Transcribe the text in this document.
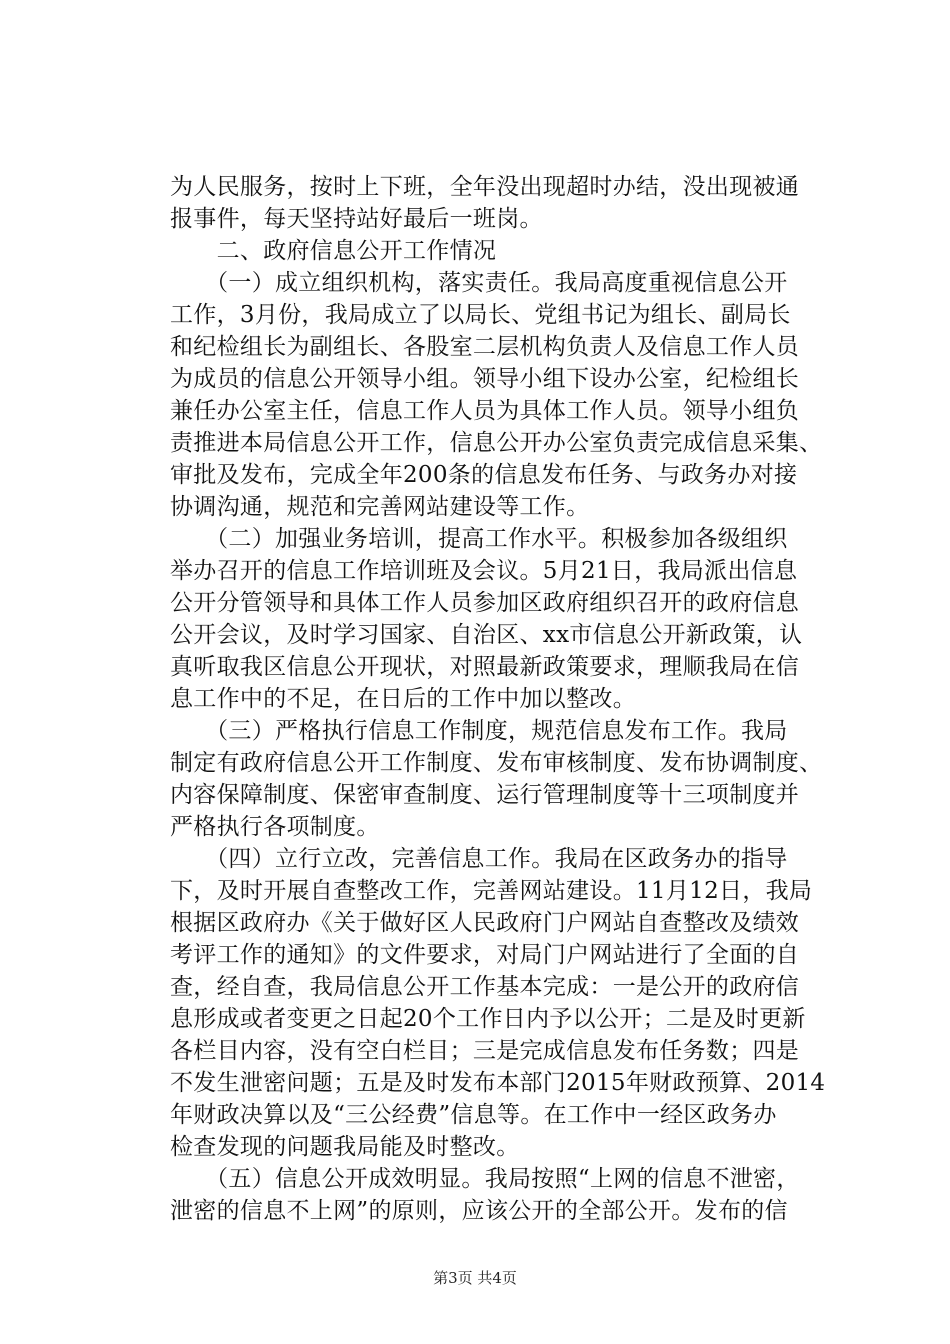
为人民服务，按时上下班，全年没出现超时办结，没出现被通
报事件，每天坚持站好最后一班岗。
　　二、政府信息公开工作情况
　　（一）成立组织机构，落实责任。我局高度重视信息公开
工作，3月份，我局成立了以局长、党组书记为组长、副局长
和纪检组长为副组长、各股室二层机构负责人及信息工作人员
为成员的信息公开领导小组。领导小组下设办公室，纪检组长
兼任办公室主任，信息工作人员为具体工作人员。领导小组负
责推进本局信息公开工作，信息公开办公室负责完成信息采集、
审批及发布，完成全年200条的信息发布任务、与政务办对接
协调沟通，规范和完善网站建设等工作。
　　（二）加强业务培训，提高工作水平。积极参加各级组织
举办召开的信息工作培训班及会议。5月21日，我局派出信息
公开分管领导和具体工作人员参加区政府组织召开的政府信息
公开会议，及时学习国家、自治区、xx市信息公开新政策，认
真听取我区信息公开现状，对照最新政策要求，理顺我局在信
息工作中的不足，在日后的工作中加以整改。
　　（三）严格执行信息工作制度，规范信息发布工作。我局
制定有政府信息公开工作制度、发布审核制度、发布协调制度、
内容保障制度、保密审查制度、运行管理制度等十三项制度并
严格执行各项制度。
　　（四）立行立改，完善信息工作。我局在区政务办的指导
下，及时开展自查整改工作，完善网站建设。11月12日，我局
根据区政府办《关于做好区人民政府门户网站自查整改及绩效
考评工作的通知》的文件要求，对局门户网站进行了全面的自
查，经自查，我局信息公开工作基本完成：一是公开的政府信
息形成或者变更之日起20个工作日内予以公开；二是及时更新
各栏目内容，没有空白栏目；三是完成信息发布任务数；四是
不发生泄密问题；五是及时发布本部门2015年财政预算、2014
年财政决算以及“三公经费”信息等。在工作中一经区政务办
检查发现的问题我局能及时整改。
　　（五）信息公开成效明显。我局按照“上网的信息不泄密，
泄密的信息不上网”的原则，应该公开的全部公开。发布的信
第3页 共4页
